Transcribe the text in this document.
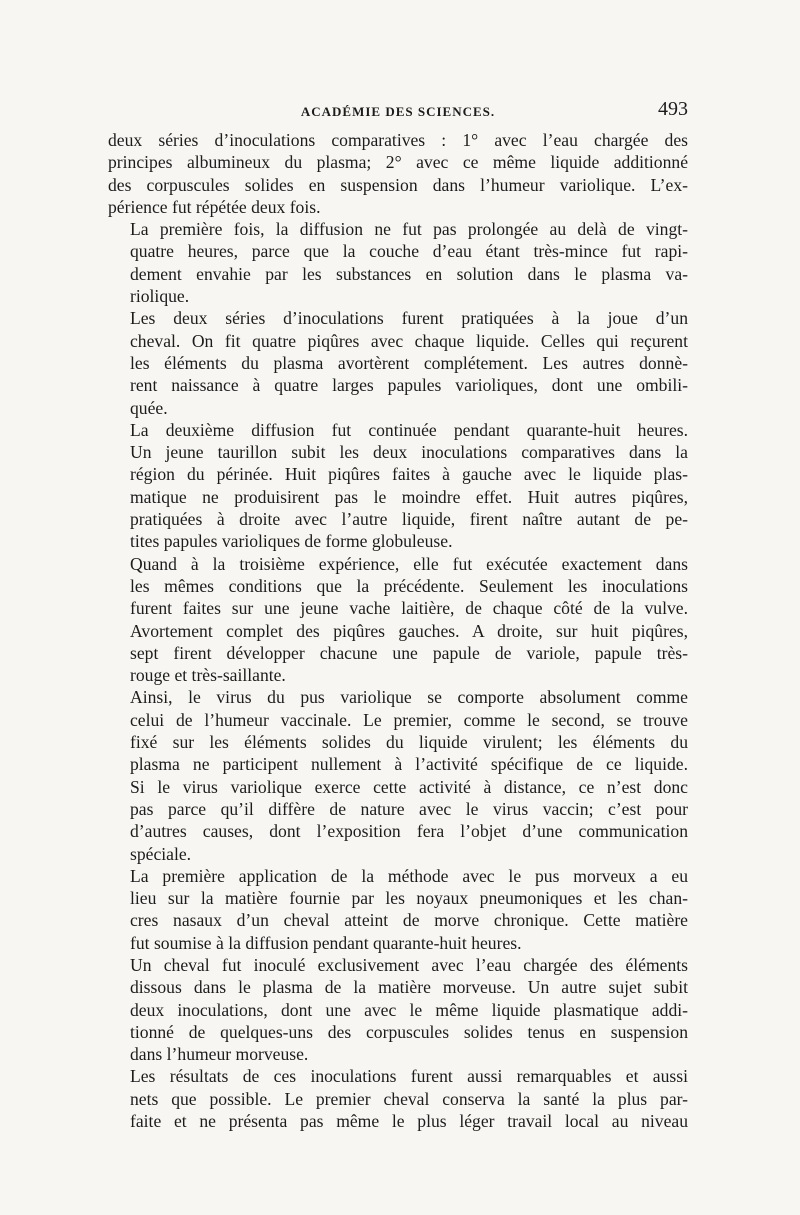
ACADÉMIE DES SCIENCES.	493

deux séries d’inoculations comparatives : 1° avec l’eau chargée des
principes albumineux du plasma; 2° avec ce même liquide additionné
des corpuscules solides en suspension dans l’humeur variolique. L’ex-
périence fut répétée deux fois.

La première fois, la diffusion ne fut pas prolongée au delà de vingt-
quatre heures, parce que la couche d’eau étant très-mince fut rapi-
dement envahie par les substances en solution dans le plasma va-
riolique.

Les deux séries d’inoculations furent pratiquées à la joue d’un
cheval. On fit quatre piqûres avec chaque liquide. Celles qui reçurent
les éléments du plasma avortèrent complétement. Les autres donnè-
rent naissance à quatre larges papules varioliques, dont une ombili-
quée.

La deuxième diffusion fut continuée pendant quarante-huit heures.
Un jeune taurillon subit les deux inoculations comparatives dans la
région du périnée. Huit piqûres faites à gauche avec le liquide plas-
matique ne produisirent pas le moindre effet. Huit autres piqûres,
pratiquées à droite avec l’autre liquide, firent naître autant de pe-
tites papules varioliques de forme globuleuse.

Quand à la troisième expérience, elle fut exécutée exactement dans
les mêmes conditions que la précédente. Seulement les inoculations
furent faites sur une jeune vache laitière, de chaque côté de la vulve.
Avortement complet des piqûres gauches. A droite, sur huit piqûres,
sept firent développer chacune une papule de variole, papule très-
rouge et très-saillante.

Ainsi, le virus du pus variolique se comporte absolument comme
celui de l’humeur vaccinale. Le premier, comme le second, se trouve
fixé sur les éléments solides du liquide virulent; les éléments du
plasma ne participent nullement à l’activité spécifique de ce liquide.
Si le virus variolique exerce cette activité à distance, ce n’est donc
pas parce qu’il diffère de nature avec le virus vaccin; c’est pour
d’autres causes, dont l’exposition fera l’objet d’une communication
spéciale.

La première application de la méthode avec le pus morveux a eu
lieu sur la matière fournie par les noyaux pneumoniques et les chan-
cres nasaux d’un cheval atteint de morve chronique. Cette matière
fut soumise à la diffusion pendant quarante-huit heures.

Un cheval fut inoculé exclusivement avec l’eau chargée des éléments
dissous dans le plasma de la matière morveuse. Un autre sujet subit
deux inoculations, dont une avec le même liquide plasmatique addi-
tionné de quelques-uns des corpuscules solides tenus en suspension
dans l’humeur morveuse.

Les résultats de ces inoculations furent aussi remarquables et aussi
nets que possible. Le premier cheval conserva la santé la plus par-
faite et ne présenta pas même le plus léger travail local au niveau
